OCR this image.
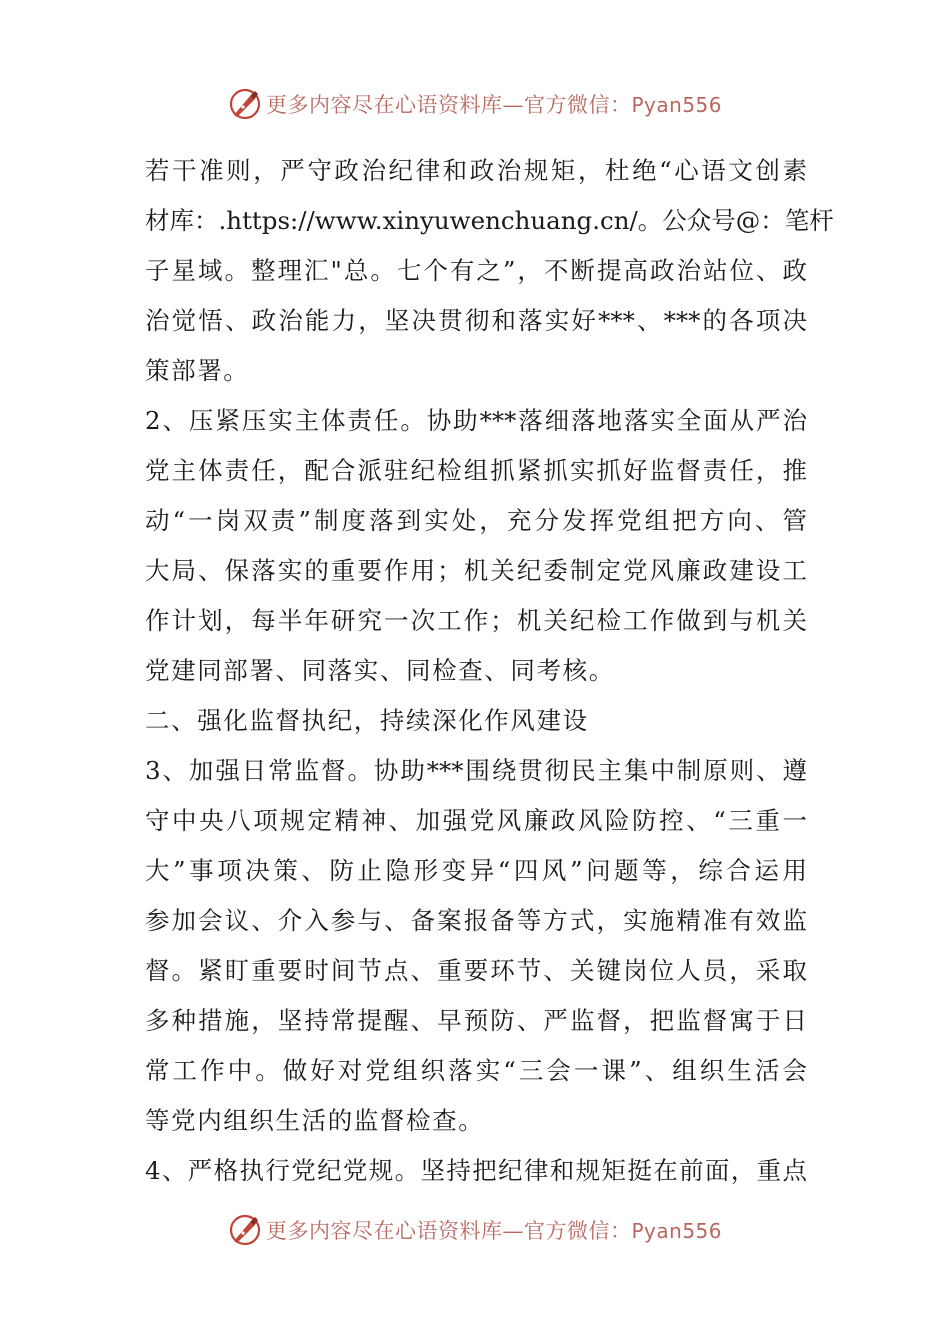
更多内容尽在心语资料库—官方微信：Pyan556
若干准则，严守政治纪律和政治规矩，杜绝“心语文创素
材库：.https://www.xinyuwenchuang.cn/。公众号@：笔杆
子星域。整理汇"总。七个有之”，不断提高政治站位、政
治觉悟、政治能力，坚决贯彻和落实好***、***的各项决
策部署。
2、压紧压实主体责任。协助***落细落地落实全面从严治
党主体责任，配合派驻纪检组抓紧抓实抓好监督责任，推
动“一岗双责”制度落到实处，充分发挥党组把方向、管
大局、保落实的重要作用；机关纪委制定党风廉政建设工
作计划，每半年研究一次工作；机关纪检工作做到与机关
党建同部署、同落实、同检查、同考核。
二、强化监督执纪，持续深化作风建设
3、加强日常监督。协助***围绕贯彻民主集中制原则、遵
守中央八项规定精神、加强党风廉政风险防控、“三重一
大”事项决策、防止隐形变异“四风”问题等，综合运用
参加会议、介入参与、备案报备等方式，实施精准有效监
督。紧盯重要时间节点、重要环节、关键岗位人员，采取
多种措施，坚持常提醒、早预防、严监督，把监督寓于日
常工作中。做好对党组织落实“三会一课”、组织生活会
等党内组织生活的监督检查。
4、严格执行党纪党规。坚持把纪律和规矩挺在前面，重点
更多内容尽在心语资料库—官方微信：Pyan556
